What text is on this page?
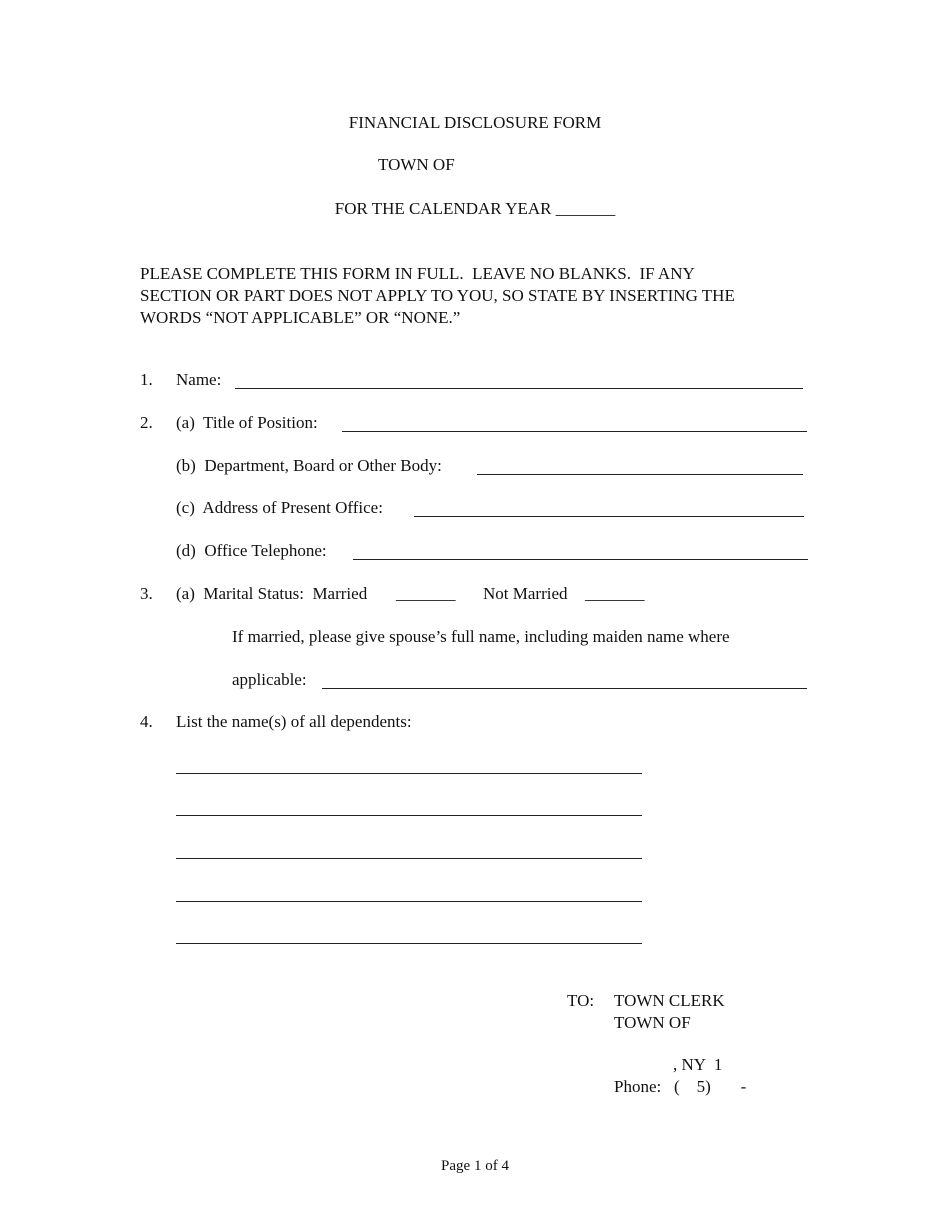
FINANCIAL DISCLOSURE FORM
TOWN OF
FOR THE CALENDAR YEAR _______
PLEASE COMPLETE THIS FORM IN FULL.  LEAVE NO BLANKS.  IF ANY
SECTION OR PART DOES NOT APPLY TO YOU, SO STATE BY INSERTING THE
WORDS “NOT APPLICABLE” OR “NONE.”
1. Name:
2. (a)  Title of Position:
(b)  Department, Board or Other Body:
(c)  Address of Present Office:
(d)  Office Telephone:
3. (a)  Marital Status:  Married _______ Not Married _______
If married, please give spouse’s full name, including maiden name where
applicable:
4. List the name(s) of all dependents:
TO: TOWN CLERK
TOWN OF
, NY  1
Phone: (    5)       -
Page 1 of 4
